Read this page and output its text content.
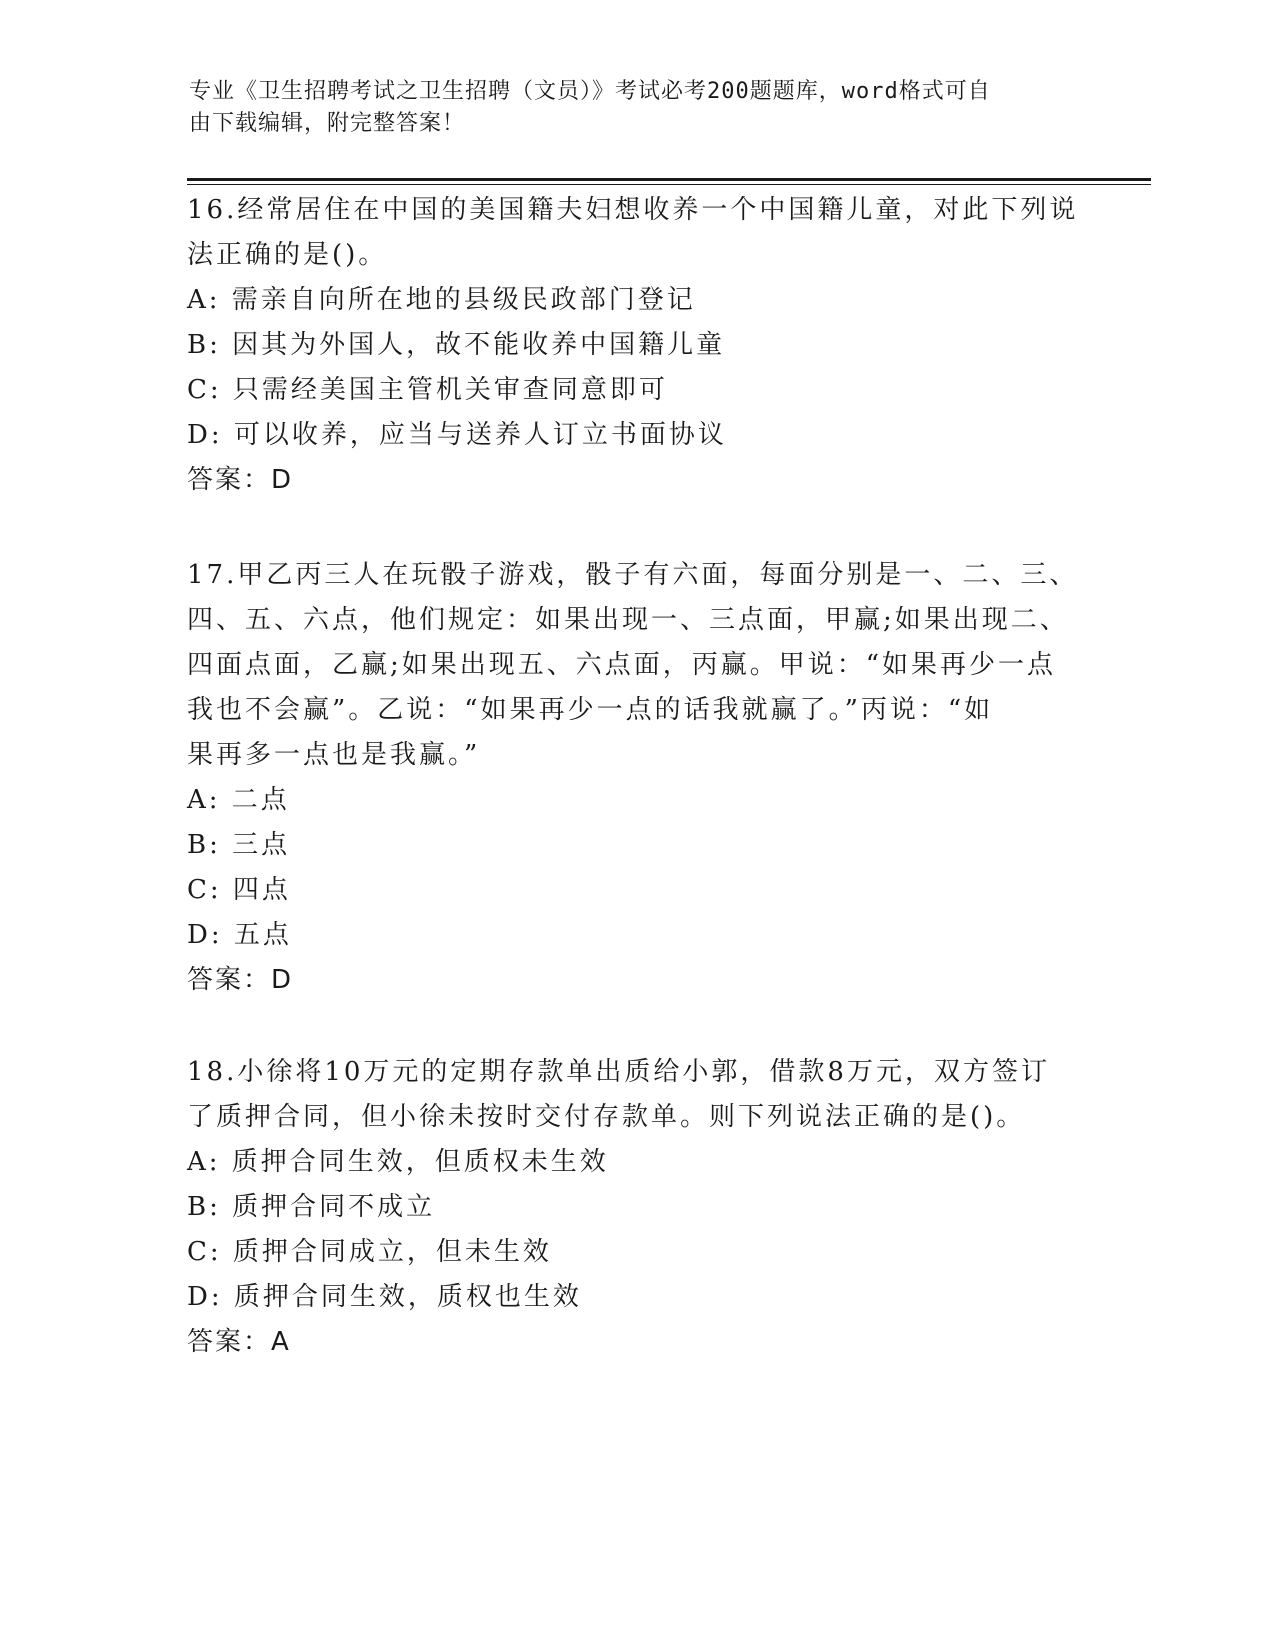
专业《卫生招聘考试之卫生招聘（文员）》考试必考200题题库，word格式可自
由下载编辑，附完整答案！
16.经常居住在中国的美国籍夫妇想收养一个中国籍儿童，对此下列说
法正确的是()。
A: 需亲自向所在地的县级民政部门登记
B: 因其为外国人，故不能收养中国籍儿童
C: 只需经美国主管机关审查同意即可
D: 可以收养，应当与送养人订立书面协议
答案：D
17.甲乙丙三人在玩骰子游戏，骰子有六面，每面分别是一、二、三、
四、五、六点，他们规定：如果出现一、三点面，甲赢;如果出现二、
四面点面，乙赢;如果出现五、六点面，丙赢。甲说：“如果再少一点
我也不会赢”。乙说：“如果再少一点的话我就赢了。”丙说：“如
果再多一点也是我赢。”
A: 二点
B: 三点
C: 四点
D: 五点
答案：D
18.小徐将10万元的定期存款单出质给小郭，借款8万元，双方签订
了质押合同，但小徐未按时交付存款单。则下列说法正确的是()。
A: 质押合同生效，但质权未生效
B: 质押合同不成立
C: 质押合同成立，但未生效
D: 质押合同生效，质权也生效
答案：A
